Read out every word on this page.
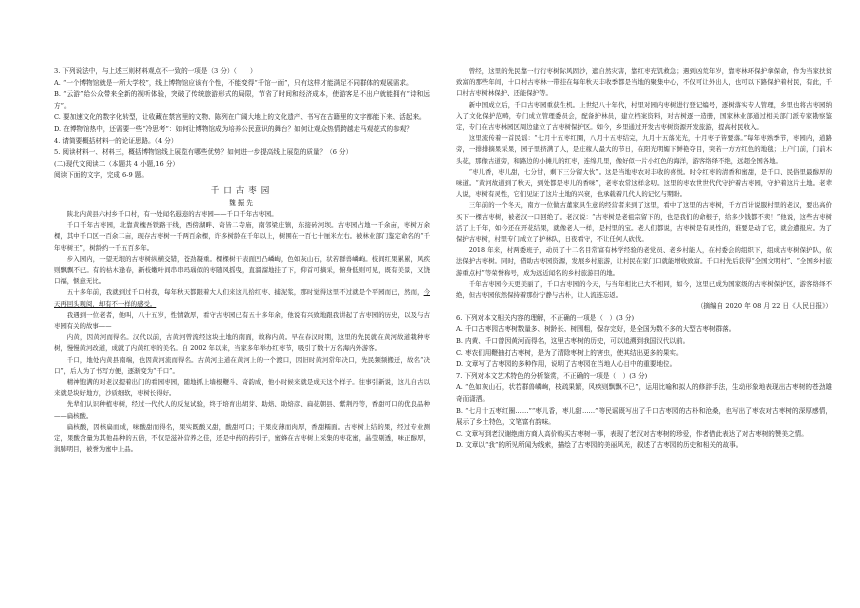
3. 下列说法中，与上述三则材料观点不一致的一项是（3 分）（　　）

A. “一个博物馆就是一所大学校”，线上博物馆应该有个性，不能变得“千馆一面”，只有这样才能满足不同群体的观展需求。

B. “云游”给公众带来全新的视听体验，突破了传统旅游形式的局限，节省了时间和经济成本，使游客足不出户就能拥有“诗和远方”。

C. 要加速文化的数字化转型，让收藏在禁宫里的文物、陈列在广阔大地上的文化遗产、书写在古籍里的文字都能下来、活起来。

D. 在博物馆热中，还需要一些“冷思考”：如何让博物馆成为培养公民意识的舞台？如何让观众热情跨越走马观花式的参观？

4. 请简要概括材料一的论证思路。（4 分）

5. 阅读材料一、材料三，概括博物馆线上展览有哪些优势？如何进一步提高线上展览的质量？（6 分）

(二)现代文阅读二（本题共 4 小题,16 分）

阅读下面的文字，完成 6-9 题。

千口古枣园

魏振先

陕北内黄县六村乡千口村，有一处闻名遐迩的古枣园——千口千年古枣园。

千口千年古枣园，北靠黄槐吾铁路干线，西傍湖畔、奇皆二寺庙，南邻梁庄镇，东接砖河坝。古枣园占地一千余亩，枣树万余棵，其中千口区一百余二亩，现存古枣树一千两百余棵，许多树龄在千年以上，树围在一百七十厘米左右。被林业部门鉴定命名的“千年枣树王”，树龄约一千五百多年。

步入园内，一望无垠的古枣树纵横交错，苍劲凝重。棵棵树干表面凹凸嶙峋，色如灰山石，状若群兽嶙峋。枝间红果累累，风疾则飘飘不已。有的枯木逢春，新枝嫩叶间串串玛瑙似的枣随风摇曳，直溜溜地挂了下，仰首可摘采，俯身低则可见，既有美景，又饶口福，惬意无比。

五十多年前，我就到过千口村我，每年秋天都跟着大人们来这儿拾红枣、捕泥浆，那时觉得这里不过就是个平园而已，然而，今天再回头观阅，却有不一样的感受。

我遇到一位老者，他叫，八十五岁，性情敦厚，看守古枣园已有五十多年余，他说有兴致地跟我讲起了古枣园的历史，以及与古枣园有关的故事——

内黄，因黄河而得名。汉代以前，古黄河曾流经这块土地的南面，故称内黄。早在春汉时期，这里的先民就在黄河故道栽种枣树，慢慢黄河改道，成就了内黄红枣的美名。自 2002 年以来，当家多年举办红枣节，吸引了数十万名海内外游客。

千口，地处内黄县南端，也因黄河流而得名。古黄河主道在黄河上的一个渡口，因旧时黄河常年决口，先民频频搬迁，故名“决口”，后人为了书写方便，逐渐变为“千口”。

精神饱满的对老汉提着出门的看园枣园，随地抓上墙根鞭斗、奇韵成，他小时候来就是成天这个样子。往事引新说，这儿自古以来就是块好地方，沙质细软，枣树长得好。

先辈们认识种植枣树，经过一代代人的反复试验，终于培育出胡芽、助焙、助焙彦、扁花朝县、紫荆丹等，香甜可口的优良品种——扁核酸。

扁核酸，因核扁而成，味酸甜而得名，果实既酸又甜，酸甜可口；干果皮薄而肉厚，香甜糯面。古枣树上结的果，经过专业测定，果酸含量为其他品种的五倍，不仅是滋补营养之佳，还是中药的药引子，蜜蜂在古枣树上采集的枣花蜜，晶莹剔透，味正醇厚，润肺明目，被誉为蜜中上品。

曾经，这里的先民靠一行行枣树际风固沙，遮自然灾害，靠红枣充饥救急；遇到凶荒年岁，靠枣林环保护拿保命，作为当家扶贫致富的那些年间，十口村古枣林一带挂在每年秋天丰收季都是当地的聚集中心，不仅可让外出人，也可以下路保护着村民，有此，千口村古枣树林保护、还能保护等。

新中国成立后，千口古枣园重获生机。上世纪八十年代，村里对园内枣树进行登记编号，逐树落实专人管理，乡里也将古枣园纳入了文化保护范畴，专门成立管理委员会，配备护林员，建立档案资料，对古树逐一造册，国家林业部通过相关部门派专家勘察鉴定，专门在古枣林园区周边建立了古枣树保护区。如今，乡里通过开发古枣树资源开发旅游，提高村民收入。

这里流传着一首民谣：“七月十五枣红圈，八月十五枣结完，九月十五落光光，十月枣子皆要落。”每年枣熟季节，枣园内，道路旁，一排排摘果采果，园子里挤满了人，是庄稼人最大的节日，在阳光明媚下鲜艳夺目，突若一方方红色的地毯；上户门前，门前木头花，那像古道旁，和路边的小摊儿的红枣，连绵几里，像好似一片小红色的海洋，游客络绎不绝，远超全国各地。

“枣儿香，枣儿甜，七分甘，剩下三分留大伙”。这是当地枣农对丰收的喜悦。时令红枣的清香和蜜甜，是千口、民俗里最醇厚的味道。“黄河故道到了秋天，到处都是枣儿的香味”，老枣农常这样念叨。这里的枣农世世代代守护着古枣园，守护着这片土地。老辈人说，枣树有灵性，它们见证了这片土地的兴衰，也承载着几代人的记忆与期盼。

三年前的一个冬天，南方一位做古董家具生意的经营者来到了这里，看中了这里的古枣树，千方百计说服村里的老汉，要出高价买下一棵古枣树，被老汉一口回绝了。老汉说：“古枣树是老祖宗留下的，也是我们的命根子，给多少钱都不卖！”他说，这些古枣树活了上千年，如今还在开花结果，就像老人一样，是村里的宝。老人们都说，古枣树是有灵性的，谁要是动了它，就会遭报应。为了保护古枣树，村里专门成立了护林队，日夜看守，不让任何人砍伐。

2018 年来，村两委班子，动员了十二名目常富有林学经验的老党员、老乡村能人，在村委会的组织下，组成古枣树保护队，依法保护古枣树。同时，借助古枣园资源，发展乡村旅游，让村民在家门口就能增收致富。千口村先后获得“全国文明村”、“全国乡村旅游重点村”等荣誉称号，成为远近闻名的乡村旅游目的地。

千年古枣园今天更美丽了，千口古枣园的今天，与当年相比已大不相同，如今，这里已成为国家级的古枣树保护区，游客络绎不绝，但古枣园依然保持着那份宁静与古朴，让人流连忘返。

（摘编自 2020 年 08 月 22 日《人民日报》）

6. 下列对本文相关内容的理解，不正确的一项是（　）(3 分)

A. 千口古枣园古枣树数量多、树龄长、树围粗，保存完好，是全国为数不多的大型古枣树群落。

B. 内黄、千口曾因黄河而得名，这里古枣树的历史，可以追溯到我国汉代以前。

C. 枣农们用鞭抽打古枣树，是为了清除枣树上的害虫，使其结出更多的果实。

D. 文章写了古枣园的多种作用，说明了古枣园在当地人心目中的重要地位。

7. 下列对本文艺术特色的分析鉴赏，不正确的一项是（　）(3 分)

A. “色如灰山石，状若群兽嶙峋，枝疏果繁，风疾则飘飘不已”，运用比喻和拟人的修辞手法，生动形象地表现出古枣树的苍劲雄奇而潇洒。

B. “七月十五枣红圈……”“枣儿香，枣儿甜……”等民谣既写出了千口古枣园的古朴和沧桑，也写出了枣农对古枣树的深厚感情，展示了乡土特色，文笔富有韵味。

C. 文章写到老汉谢绝南方商人高价购买古枣树一事，表现了老汉对古枣树的珍爱，作者借此表达了对古枣树的赞美之情。

D. 文章以“我”的所见所闻为线索，描绘了古枣园的美丽风光，叙述了古枣园的历史和相关的故事。
